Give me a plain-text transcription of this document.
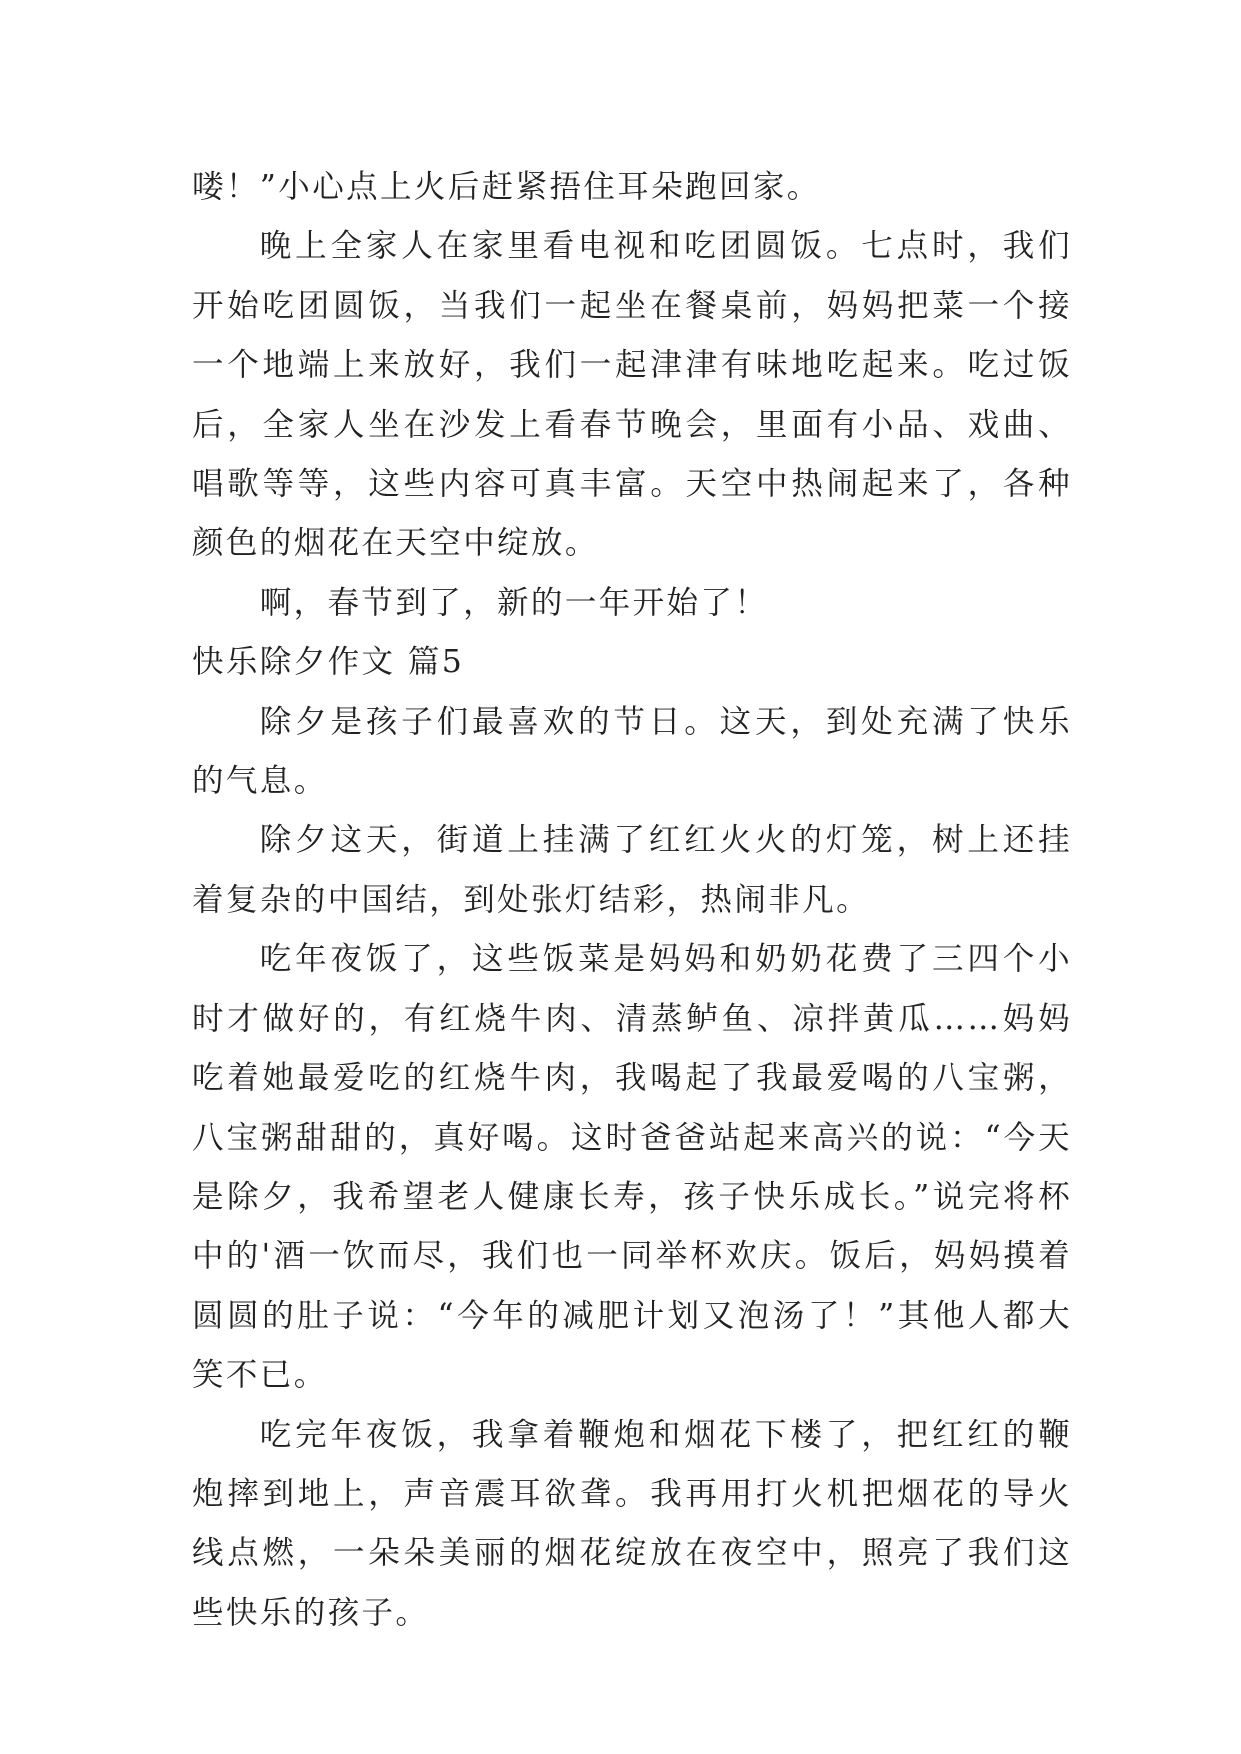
喽！”小心点上火后赶紧捂住耳朵跑回家。

晚上全家人在家里看电视和吃团圆饭。七点时，我们开始吃团圆饭，当我们一起坐在餐桌前，妈妈把菜一个接一个地端上来放好，我们一起津津有味地吃起来。吃过饭后，全家人坐在沙发上看春节晚会，里面有小品、戏曲、唱歌等等，这些内容可真丰富。天空中热闹起来了，各种颜色的烟花在天空中绽放。

啊，春节到了，新的一年开始了！

快乐除夕作文 篇5

除夕是孩子们最喜欢的节日。这天，到处充满了快乐的气息。

除夕这天，街道上挂满了红红火火的灯笼，树上还挂着复杂的中国结，到处张灯结彩，热闹非凡。

吃年夜饭了，这些饭菜是妈妈和奶奶花费了三四个小时才做好的，有红烧牛肉、清蒸鲈鱼、凉拌黄瓜……妈妈吃着她最爱吃的红烧牛肉，我喝起了我最爱喝的八宝粥，八宝粥甜甜的，真好喝。这时爸爸站起来高兴的说：“今天是除夕，我希望老人健康长寿，孩子快乐成长。”说完将杯中的'酒一饮而尽，我们也一同举杯欢庆。饭后，妈妈摸着圆圆的肚子说：“今年的减肥计划又泡汤了！”其他人都大笑不已。

吃完年夜饭，我拿着鞭炮和烟花下楼了，把红红的鞭炮摔到地上，声音震耳欲聋。我再用打火机把烟花的导火线点燃，一朵朵美丽的烟花绽放在夜空中，照亮了我们这些快乐的孩子。
